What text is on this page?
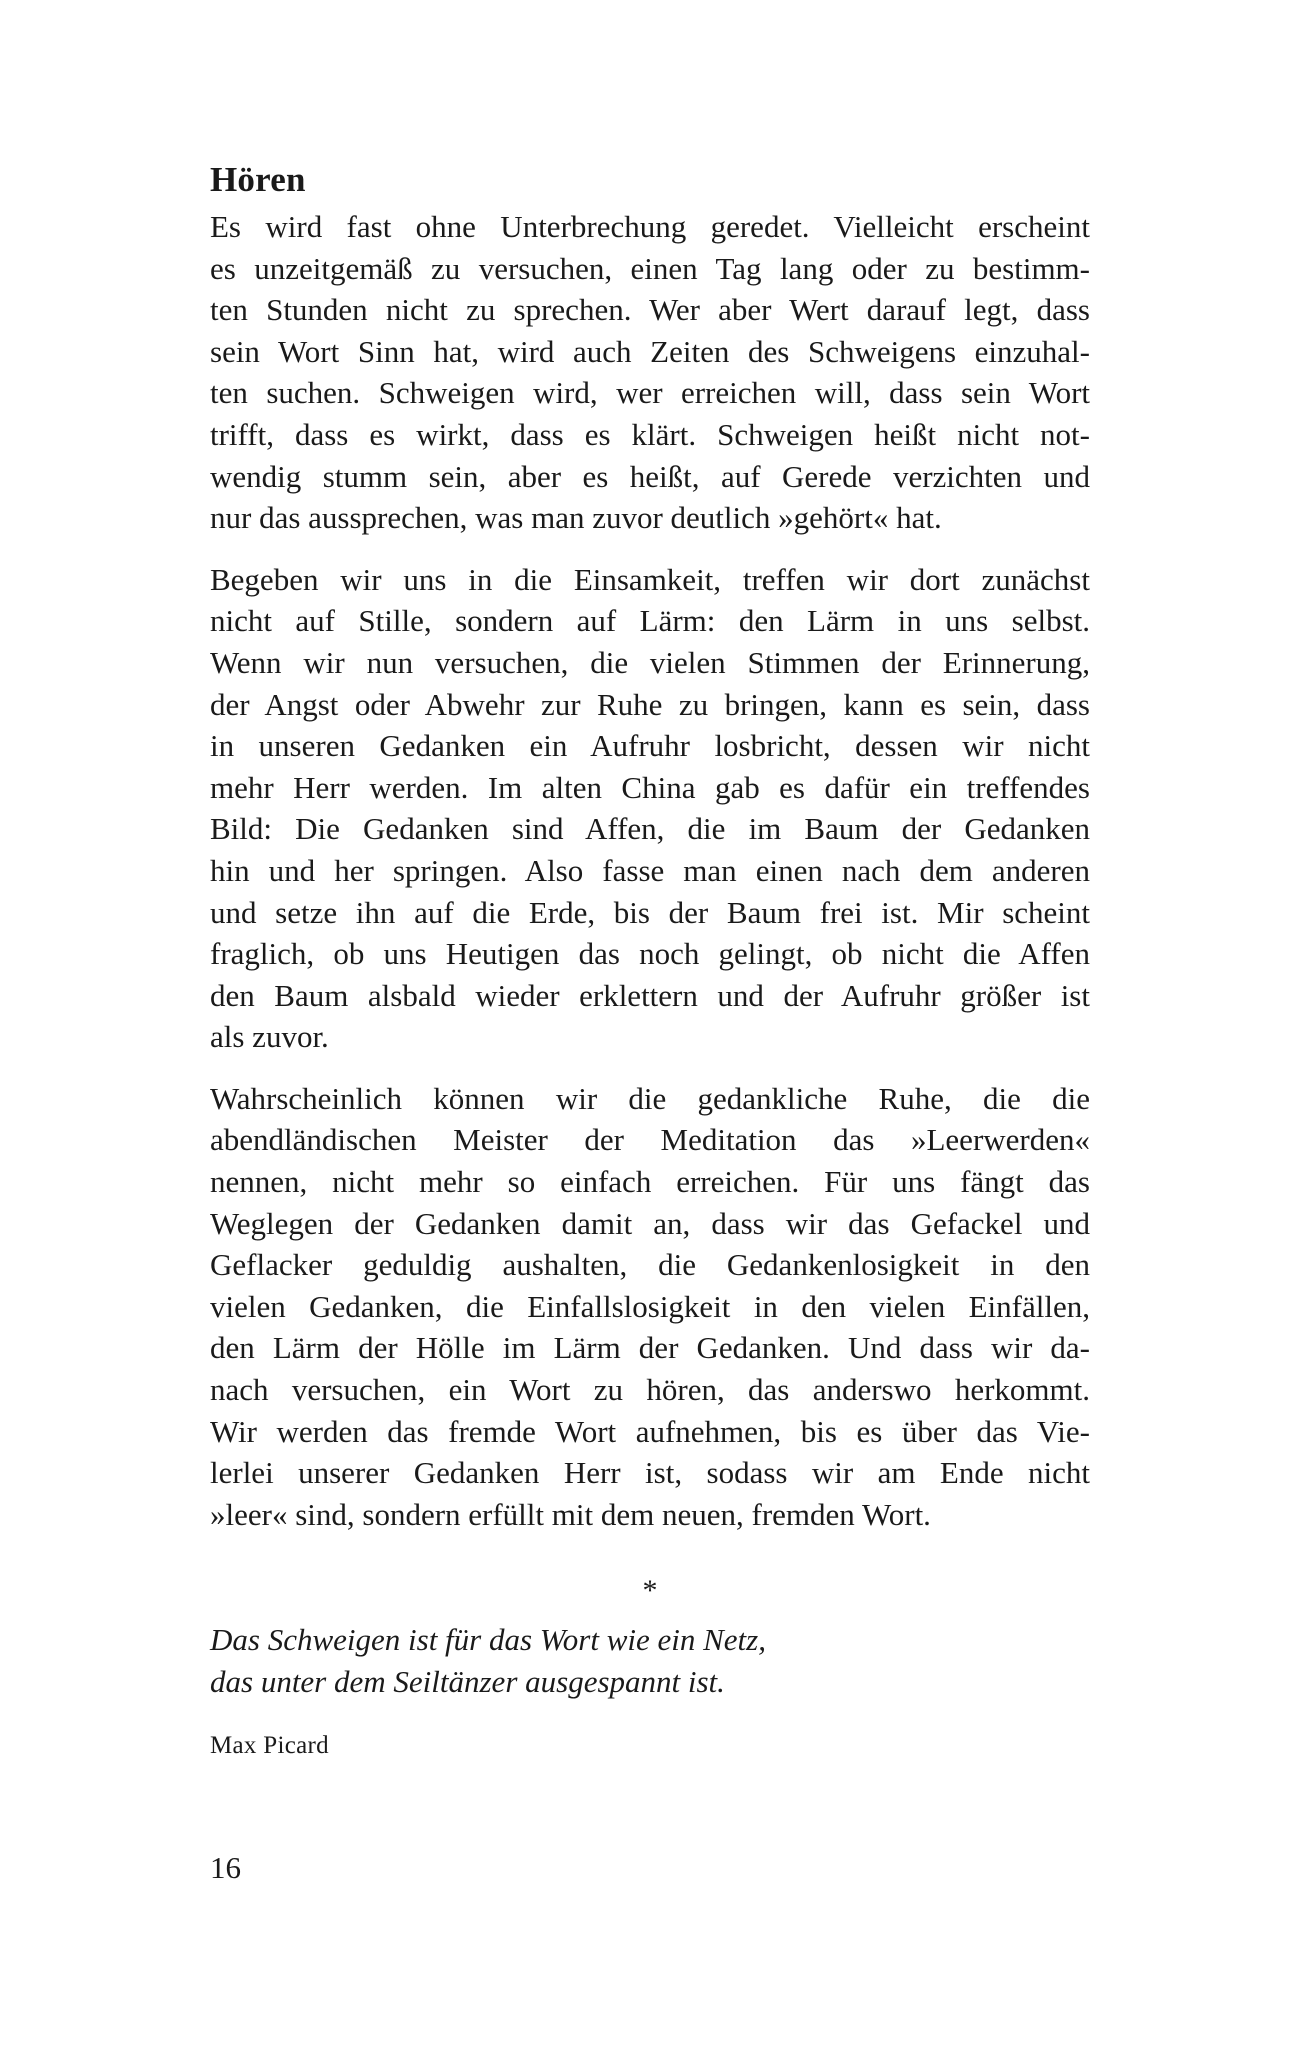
Hören
Es wird fast ohne Unterbrechung geredet. Vielleicht erscheint
es unzeitgemäß zu versuchen, einen Tag lang oder zu bestimm-
ten Stunden nicht zu sprechen. Wer aber Wert darauf legt, dass
sein Wort Sinn hat, wird auch Zeiten des Schweigens einzuhal-
ten suchen. Schweigen wird, wer erreichen will, dass sein Wort
trifft, dass es wirkt, dass es klärt. Schweigen heißt nicht not-
wendig stumm sein, aber es heißt, auf Gerede verzichten und
nur das aussprechen, was man zuvor deutlich »gehört« hat.
Begeben wir uns in die Einsamkeit, treffen wir dort zunächst
nicht auf Stille, sondern auf Lärm: den Lärm in uns selbst.
Wenn wir nun versuchen, die vielen Stimmen der Erinnerung,
der Angst oder Abwehr zur Ruhe zu bringen, kann es sein, dass
in unseren Gedanken ein Aufruhr losbricht, dessen wir nicht
mehr Herr werden. Im alten China gab es dafür ein treffendes
Bild: Die Gedanken sind Affen, die im Baum der Gedanken
hin und her springen. Also fasse man einen nach dem anderen
und setze ihn auf die Erde, bis der Baum frei ist. Mir scheint
fraglich, ob uns Heutigen das noch gelingt, ob nicht die Affen
den Baum alsbald wieder erklettern und der Aufruhr größer ist
als zuvor.
Wahrscheinlich können wir die gedankliche Ruhe, die die
abendländischen Meister der Meditation das »Leerwerden«
nennen, nicht mehr so einfach erreichen. Für uns fängt das
Weglegen der Gedanken damit an, dass wir das Gefackel und
Geflacker geduldig aushalten, die Gedankenlosigkeit in den
vielen Gedanken, die Einfallslosigkeit in den vielen Einfällen,
den Lärm der Hölle im Lärm der Gedanken. Und dass wir da-
nach versuchen, ein Wort zu hören, das anderswo herkommt.
Wir werden das fremde Wort aufnehmen, bis es über das Vie-
lerlei unserer Gedanken Herr ist, sodass wir am Ende nicht
»leer« sind, sondern erfüllt mit dem neuen, fremden Wort.
*
Das Schweigen ist für das Wort wie ein Netz,
das unter dem Seiltänzer ausgespannt ist.
Max Picard
16
